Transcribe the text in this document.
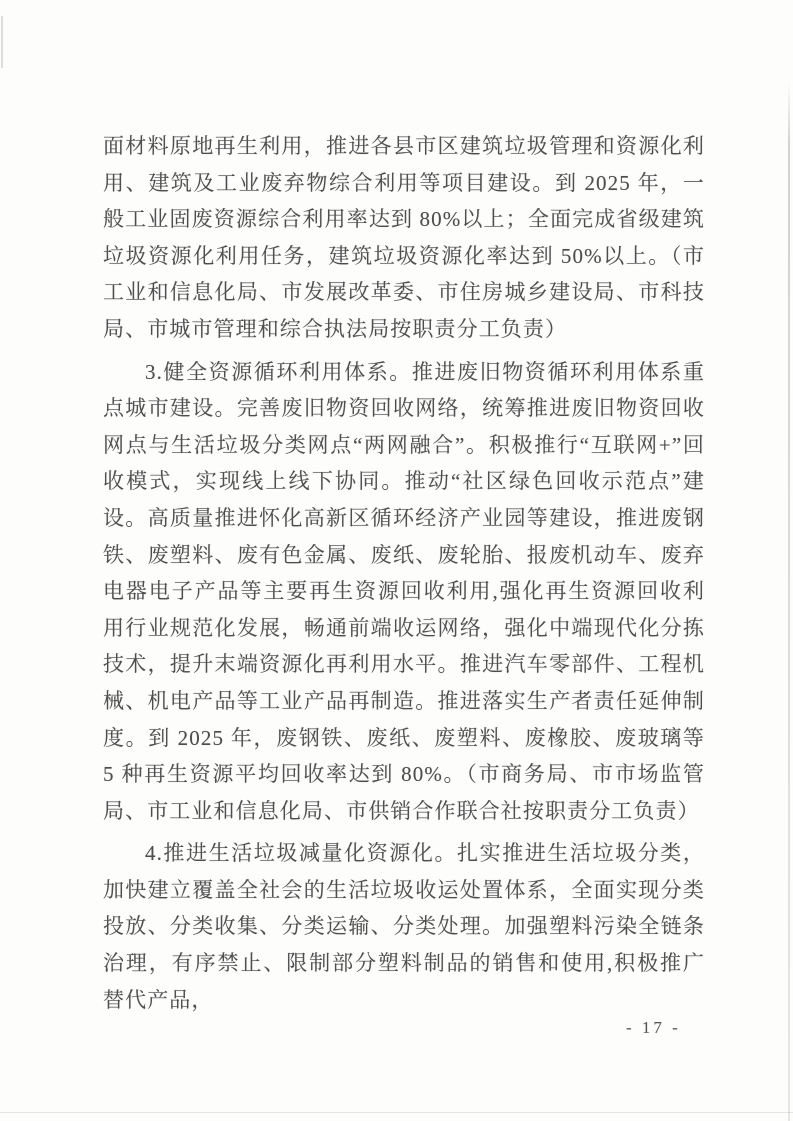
面材料原地再生利用，推进各县市区建筑垃圾管理和资源化利用、建筑及工业废弃物综合利用等项目建设。到 2025 年，一般工业固废资源综合利用率达到 80%以上；全面完成省级建筑垃圾资源化利用任务，建筑垃圾资源化率达到 50%以上。（市工业和信息化局、市发展改革委、市住房城乡建设局、市科技局、市城市管理和综合执法局按职责分工负责）

3.健全资源循环利用体系。推进废旧物资循环利用体系重点城市建设。完善废旧物资回收网络，统筹推进废旧物资回收网点与生活垃圾分类网点“两网融合”。积极推行“互联网+”回收模式，实现线上线下协同。推动“社区绿色回收示范点”建设。高质量推进怀化高新区循环经济产业园等建设，推进废钢铁、废塑料、废有色金属、废纸、废轮胎、报废机动车、废弃电器电子产品等主要再生资源回收利用,强化再生资源回收利用行业规范化发展，畅通前端收运网络，强化中端现代化分拣技术，提升末端资源化再利用水平。推进汽车零部件、工程机械、机电产品等工业产品再制造。推进落实生产者责任延伸制度。到 2025 年，废钢铁、废纸、废塑料、废橡胶、废玻璃等 5 种再生资源平均回收率达到 80%。（市商务局、市市场监管局、市工业和信息化局、市供销合作联合社按职责分工负责）

4.推进生活垃圾减量化资源化。扎实推进生活垃圾分类，加快建立覆盖全社会的生活垃圾收运处置体系，全面实现分类投放、分类收集、分类运输、分类处理。加强塑料污染全链条治理，有序禁止、限制部分塑料制品的销售和使用,积极推广替代产品，

- 17 -
